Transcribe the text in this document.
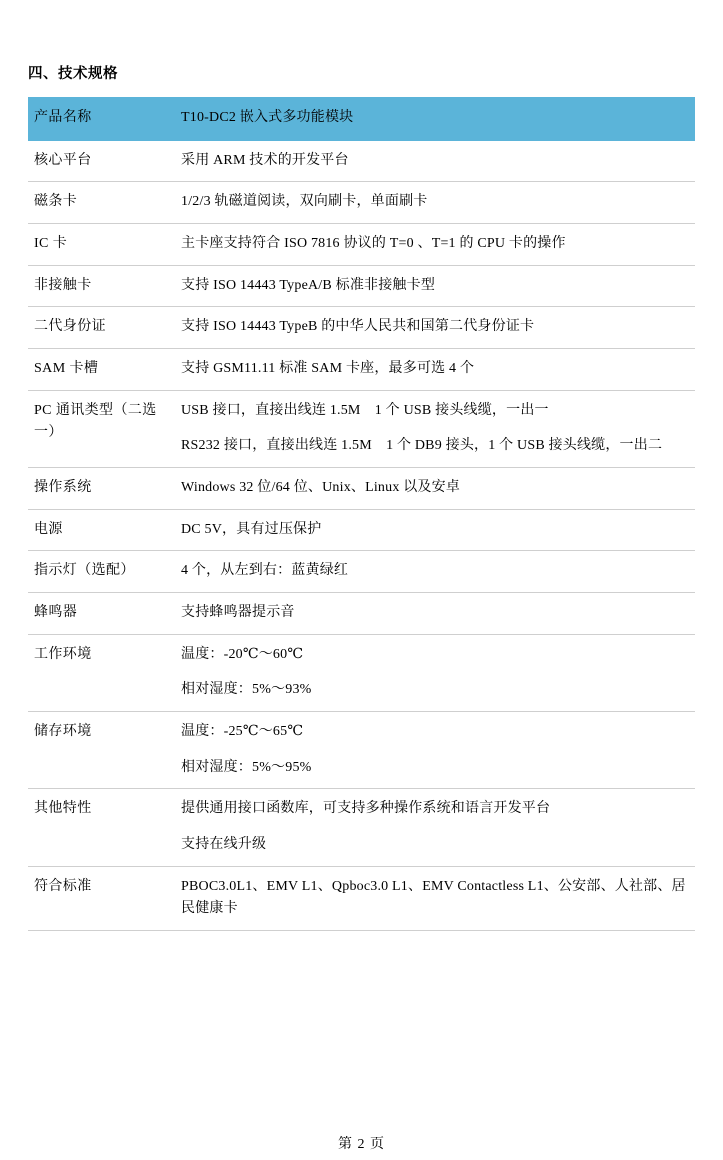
四、技术规格
产品名称	T10-DC2 嵌入式多功能模块
核心平台	采用 ARM 技术的开发平台

磁条卡	1/2/3 轨磁道阅读，双向刷卡，单面刷卡

IC 卡	主卡座支持符合 ISO 7816 协议的 T=0 、T=1 的 CPU 卡的操作

非接触卡	支持 ISO 14443 TypeA/B 标准非接触卡型

二代身份证	支持 ISO 14443 TypeB 的中华人民共和国第二代身份证卡

SAM 卡槽	支持 GSM11.11 标准 SAM 卡座，最多可选 4 个

PC 通讯类型（二选一）	USB 接口，直接出线连 1.5M　1 个 USB 接头线缆，一出一
RS232 接口，直接出线连 1.5M　1 个 DB9 接头，1 个 USB 接头线缆，一出二

操作系统	Windows 32 位/64 位、Unix、Linux 以及安卓

电源	DC 5V，具有过压保护

指示灯（选配）	4 个，从左到右：蓝黄绿红

蜂鸣器	支持蜂鸣器提示音

工作环境	温度：-20℃～60℃
相对湿度：5%～93%

储存环境	温度：-25℃～65℃
相对湿度：5%～95%

其他特性	提供通用接口函数库，可支持多种操作系统和语言开发平台
支持在线升级

符合标准	PBOC3.0L1、EMV L1、Qpboc3.0 L1、EMV Contactless L1、公安部、人社部、居民健康卡
第 2 页
